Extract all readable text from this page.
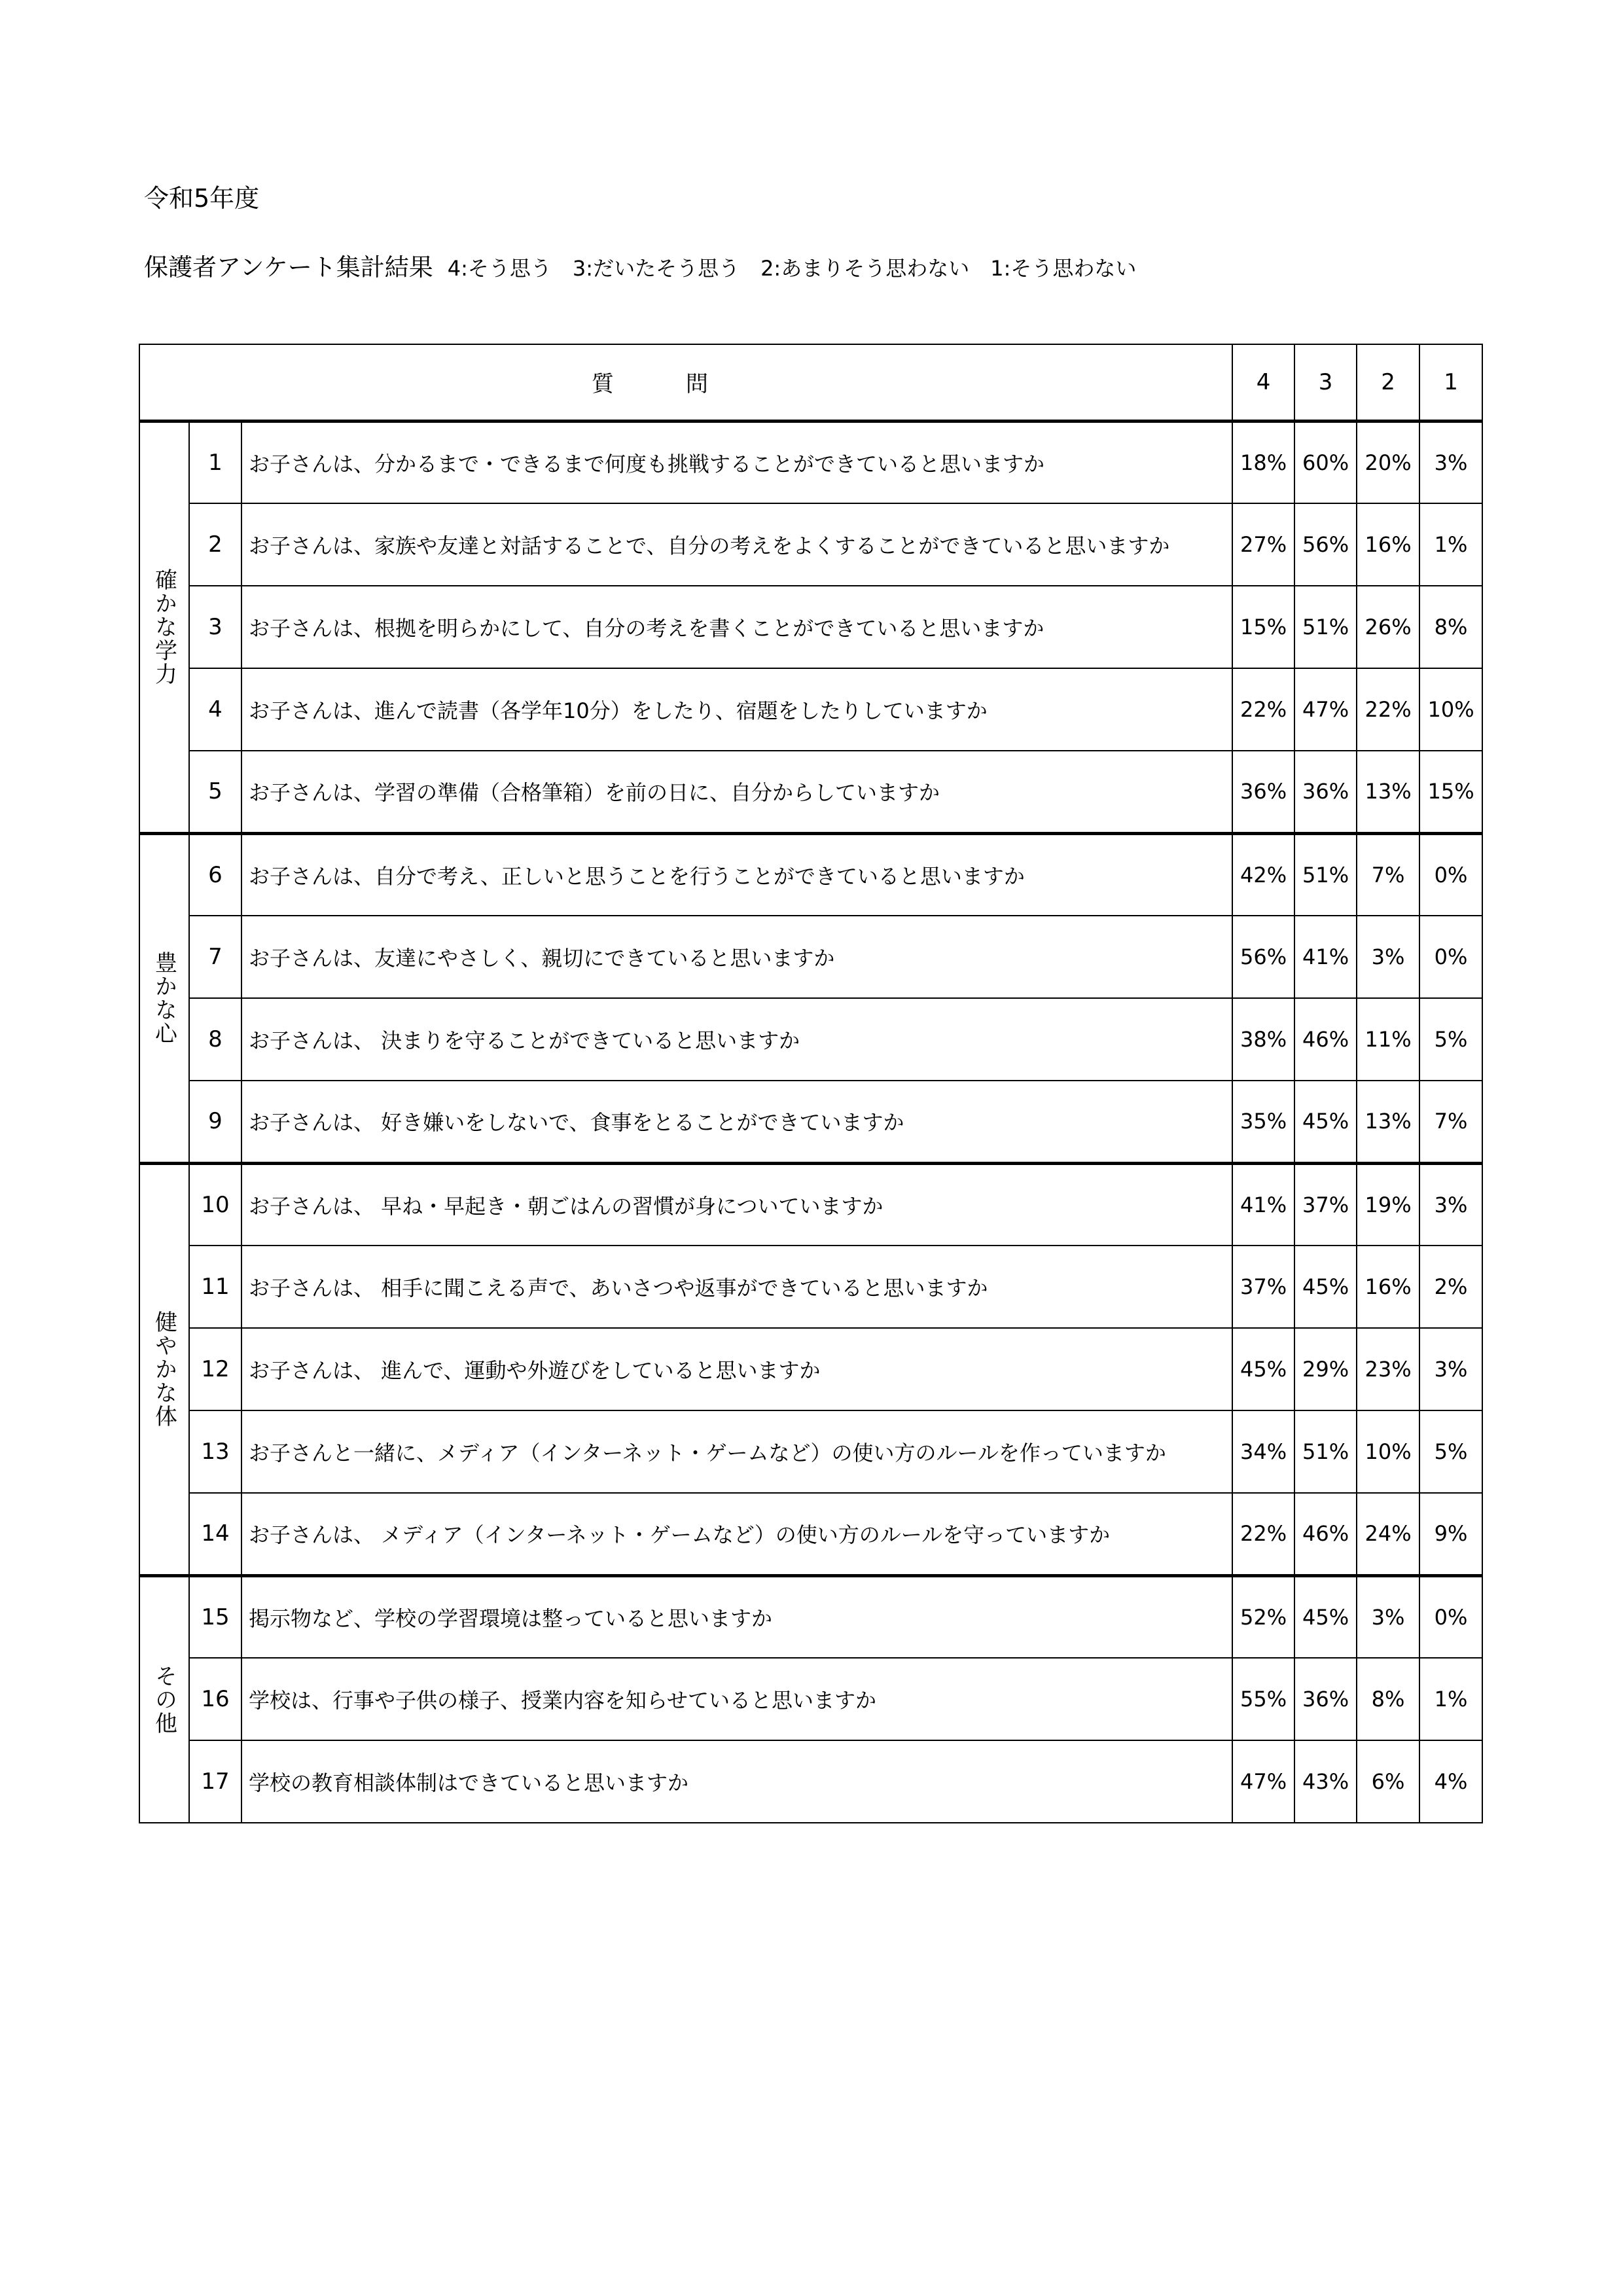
令和5年度
保護者アンケート集計結果 4:そう思う　3:だいたそう思う　2:あまりそう思わない　1:そう思わない
質問			4	3	2	1
確かな学力	1	お子さんは、分かるまで・できるまで何度も挑戦することができていると思いますか	18%	60%	20%	3%
	2	お子さんは、家族や友達と対話することで、自分の考えをよくすることができていると思いますか	27%	56%	16%	1%
	3	お子さんは、根拠を明らかにして、自分の考えを書くことができていると思いますか	15%	51%	26%	8%
	4	お子さんは、進んで読書（各学年10分）をしたり、宿題をしたりしていますか	22%	47%	22%	10%
	5	お子さんは、学習の準備（合格筆箱）を前の日に、自分からしていますか	36%	36%	13%	15%
豊かな心	6	お子さんは、自分で考え、正しいと思うことを行うことができていると思いますか	42%	51%	7%	0%
	7	お子さんは、友達にやさしく、親切にできていると思いますか	56%	41%	3%	0%
	8	お子さんは、 決まりを守ることができていると思いますか	38%	46%	11%	5%
	9	お子さんは、 好き嫌いをしないで、食事をとることができていますか	35%	45%	13%	7%
健やかな体	10	お子さんは、 早ね・早起き・朝ごはんの習慣が身についていますか	41%	37%	19%	3%
	11	お子さんは、 相手に聞こえる声で、あいさつや返事ができていると思いますか	37%	45%	16%	2%
	12	お子さんは、 進んで、運動や外遊びをしていると思いますか	45%	29%	23%	3%
	13	お子さんと一緒に、メディア（インターネット・ゲームなど）の使い方のルールを作っていますか	34%	51%	10%	5%
	14	お子さんは、 メディア（インターネット・ゲームなど）の使い方のルールを守っていますか	22%	46%	24%	9%
その他	15	掲示物など、学校の学習環境は整っていると思いますか	52%	45%	3%	0%
	16	学校は、行事や子供の様子、授業内容を知らせていると思いますか	55%	36%	8%	1%
	17	学校の教育相談体制はできていると思いますか	47%	43%	6%	4%
